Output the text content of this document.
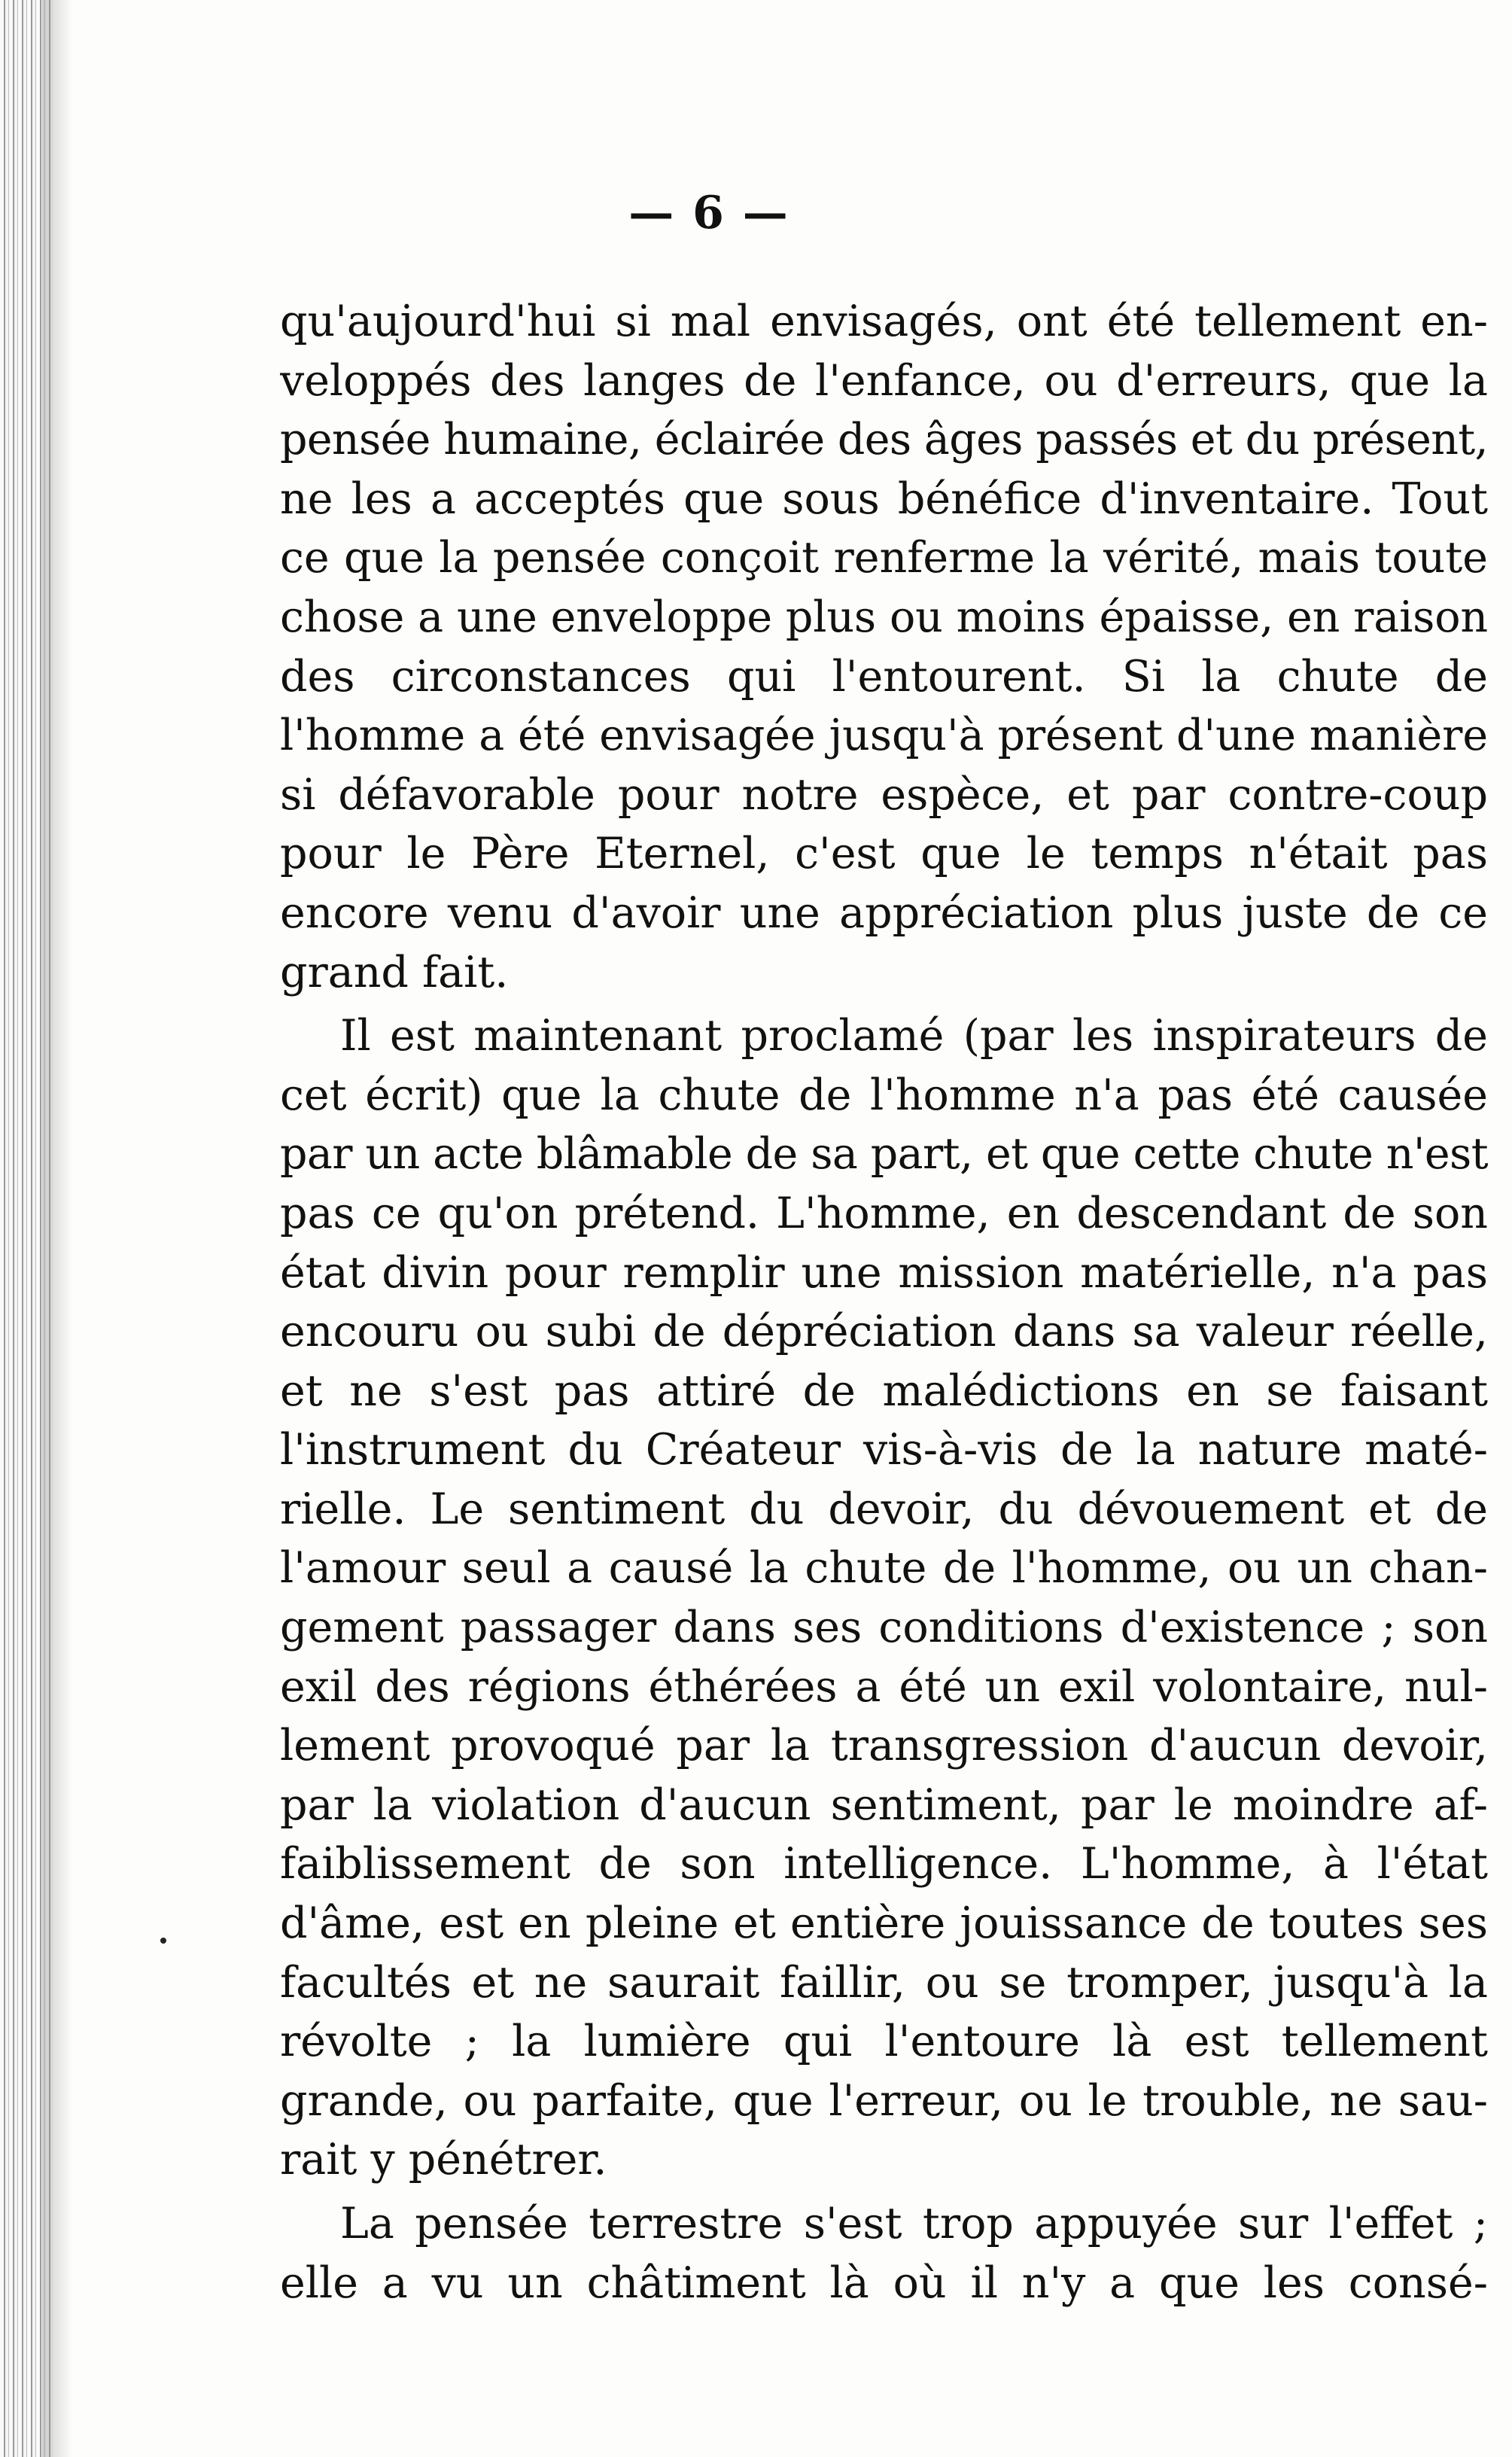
— 6 —
qu'aujourd'hui si mal envisagés, ont été tellement en-
veloppés des langes de l'enfance, ou d'erreurs, que la
pensée humaine, éclairée des âges passés et du présent,
ne les a acceptés que sous bénéfice d'inventaire. Tout
ce que la pensée conçoit renferme la vérité, mais toute
chose a une enveloppe plus ou moins épaisse, en raison
des circonstances qui l'entourent. Si la chute de
l'homme a été envisagée jusqu'à présent d'une manière
si défavorable pour notre espèce, et par contre-coup
pour le Père Eternel, c'est que le temps n'était pas
encore venu d'avoir une appréciation plus juste de ce
grand fait.
Il est maintenant proclamé (par les inspirateurs de
cet écrit) que la chute de l'homme n'a pas été causée
par un acte blâmable de sa part, et que cette chute n'est
pas ce qu'on prétend. L'homme, en descendant de son
état divin pour remplir une mission matérielle, n'a pas
encouru ou subi de dépréciation dans sa valeur réelle,
et ne s'est pas attiré de malédictions en se faisant
l'instrument du Créateur vis-à-vis de la nature maté-
rielle. Le sentiment du devoir, du dévouement et de
l'amour seul a causé la chute de l'homme, ou un chan-
gement passager dans ses conditions d'existence ; son
exil des régions éthérées a été un exil volontaire, nul-
lement provoqué par la transgression d'aucun devoir,
par la violation d'aucun sentiment, par le moindre af-
faiblissement de son intelligence. L'homme, à l'état
d'âme, est en pleine et entière jouissance de toutes ses
facultés et ne saurait faillir, ou se tromper, jusqu'à la
révolte ; la lumière qui l'entoure là est tellement
grande, ou parfaite, que l'erreur, ou le trouble, ne sau-
rait y pénétrer.
La pensée terrestre s'est trop appuyée sur l'effet ;
elle a vu un châtiment là où il n'y a que les consé-
